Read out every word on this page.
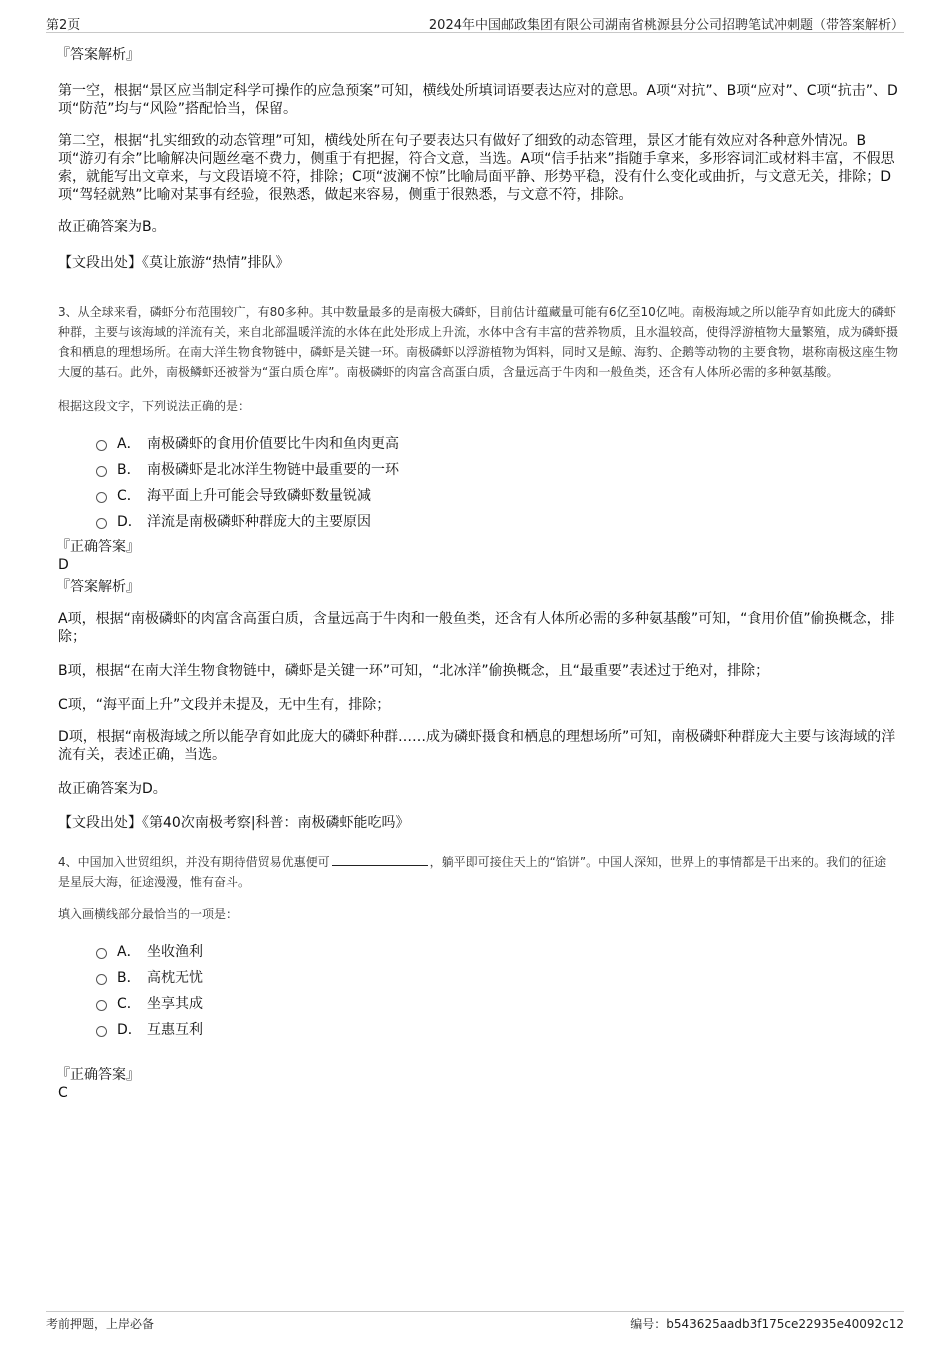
第2页	2024年中国邮政集团有限公司湖南省桃源县分公司招聘笔试冲刺题（带答案解析）
『答案解析』

第一空，根据“景区应当制定科学可操作的应急预案”可知，横线处所填词语要表达应对的意思。A项“对抗”、B项“应对”、C项“抗击”、D项“防范”均与“风险”搭配恰当，保留。

第二空，根据“扎实细致的动态管理”可知，横线处所在句子要表达只有做好了细致的动态管理，景区才能有效应对各种意外情况。B项“游刃有余”比喻解决问题丝毫不费力，侧重于有把握，符合文意，当选。A项“信手拈来”指随手拿来，多形容词汇或材料丰富，不假思索，就能写出文章来，与文段语境不符，排除；C项“波澜不惊”比喻局面平静、形势平稳，没有什么变化或曲折，与文意无关，排除；D项“驾轻就熟”比喻对某事有经验，很熟悉，做起来容易，侧重于很熟悉，与文意不符，排除。

故正确答案为B。

【文段出处】《莫让旅游“热情”排队》

3、从全球来看，磷虾分布范围较广，有80多种。其中数量最多的是南极大磷虾，目前估计蕴藏量可能有6亿至10亿吨。南极海域之所以能孕育如此庞大的磷虾种群，主要与该海域的洋流有关，来自北部温暖洋流的水体在此处形成上升流，水体中含有丰富的营养物质，且水温较高，使得浮游植物大量繁殖，成为磷虾摄食和栖息的理想场所。在南大洋生物食物链中，磷虾是关键一环。南极磷虾以浮游植物为饵料，同时又是鲸、海豹、企鹅等动物的主要食物，堪称南极这座生物大厦的基石。此外，南极鳞虾还被誉为“蛋白质仓库”。南极磷虾的肉富含高蛋白质，含量远高于牛肉和一般鱼类，还含有人体所必需的多种氨基酸。

根据这段文字，下列说法正确的是：

A． 南极磷虾的食用价值要比牛肉和鱼肉更高
B． 南极磷虾是北冰洋生物链中最重要的一环
C． 海平面上升可能会导致磷虾数量锐减
D． 洋流是南极磷虾种群庞大的主要原因
『正确答案』
D
『答案解析』

A项，根据“南极磷虾的肉富含高蛋白质，含量远高于牛肉和一般鱼类，还含有人体所必需的多种氨基酸”可知，“食用价值”偷换概念，排除；

B项，根据“在南大洋生物食物链中，磷虾是关键一环”可知，“北冰洋”偷换概念，且“最重要”表述过于绝对，排除；

C项，“海平面上升”文段并未提及，无中生有，排除；

D项，根据“南极海域之所以能孕育如此庞大的磷虾种群……成为磷虾摄食和栖息的理想场所”可知，南极磷虾种群庞大主要与该海域的洋流有关，表述正确，当选。

故正确答案为D。

【文段出处】《第40次南极考察|科普：南极磷虾能吃吗》

4、中国加入世贸组织，并没有期待借贸易优惠便可	，躺平即可接住天上的“馅饼”。中国人深知，世界上的事情都是干出来的。我们的征途是星辰大海，征途漫漫，惟有奋斗。

填入画横线部分最恰当的一项是：

A． 坐收渔利
B． 高枕无忧
C． 坐享其成
D． 互惠互利
『正确答案』
C
考前押题，上岸必备	编号：b543625aadb3f175ce22935e40092c12
